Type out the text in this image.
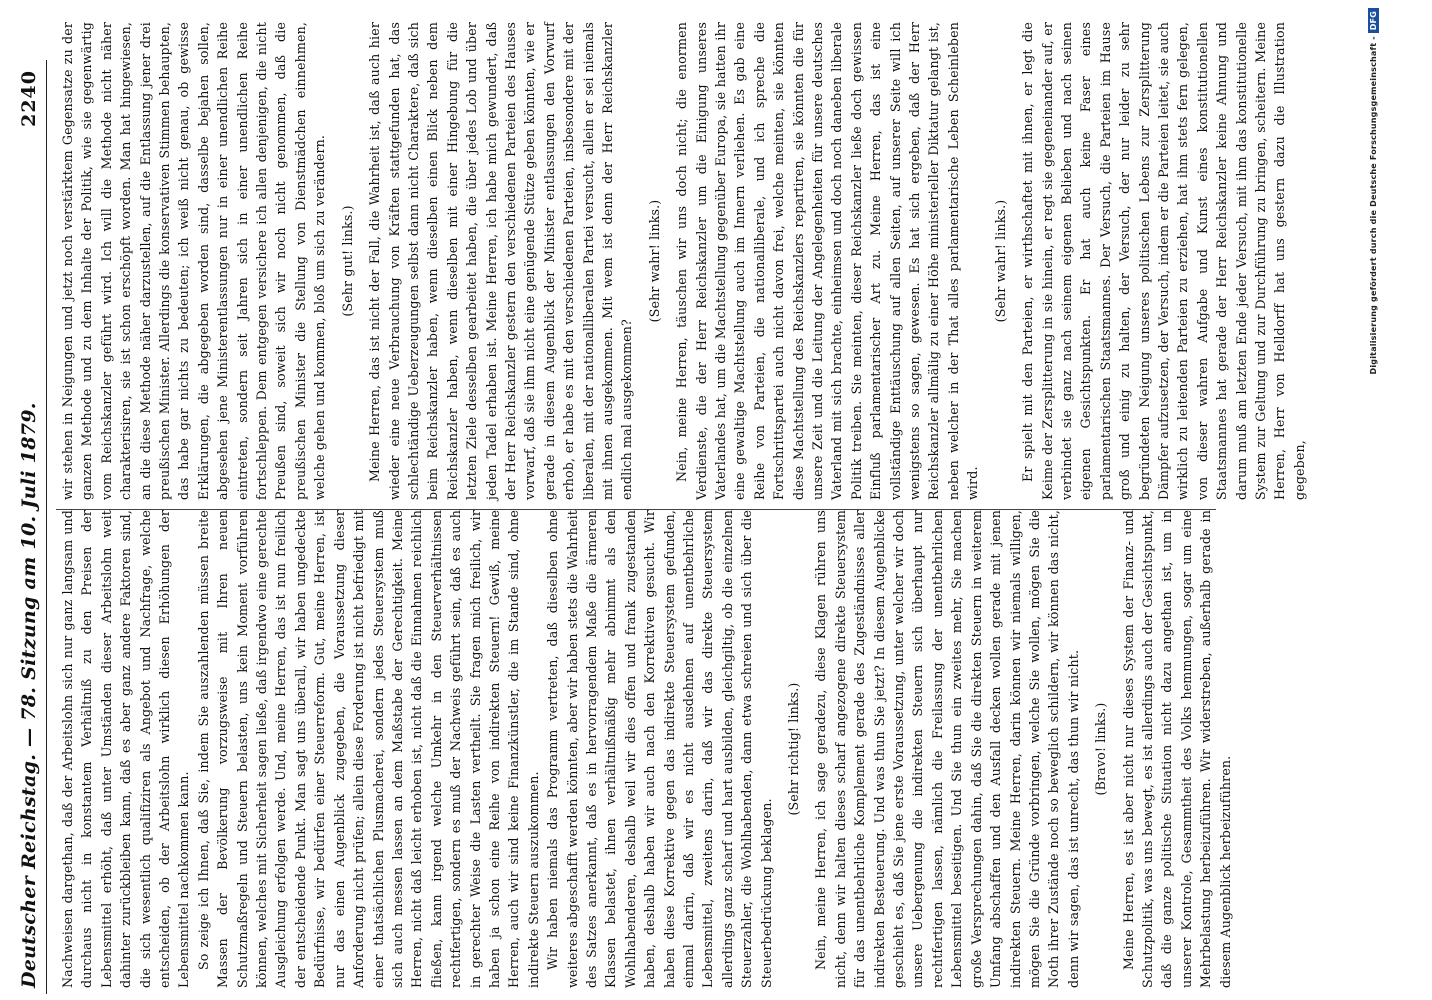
Deutscher Reichstag. — 78. Sitzung am 10. Juli 1879.
2240

Nachweisen dargethan, daß der Arbeitslohn sich nur ganz langsam und durchaus nicht in konstantem Verhältniß zu den Preisen der Lebensmittel erhöht, daß unter Umständen dieser Arbeitslohn weit dahinter zurückbleiben kann, daß es aber ganz andere Faktoren sind, die sich wesentlich qualifiziren als Angebot und Nachfrage, welche entscheiden, ob der Arbeitslohn wirklich diesen Erhöhungen der Lebensmittel nachkommen kann. So zeige ich Ihnen, daß Sie, indem Sie auszahlenden müssen breite Massen der Bevölkerung vorzugsweise mit Ihren neuen Schutzmaßregeln und Steuern belasten, uns kein Moment vorführen können, welches mit Sicherheit sagen ließe, daß irgendwo eine gerechte Ausgleichung erfolgen werde. Und, meine Herren, das ist nun freilich der entscheidende Punkt. Man sagt uns überall, wir haben ungedeckte Bedürfnisse, wir bedürfen einer Steuerreform. Gut, meine Herren, ist nur das einen Augenblick zugegeben, die Voraussetzung dieser Anforderung nicht prüfen; allein diese Forderung ist nicht befriedigt mit einer thatsächlichen Plusmacherei, sondern jedes Steuersystem muß sich auch messen lassen an dem Maßstabe der Gerechtigkeit. Meine Herren, nicht daß leicht erhoben ist, nicht daß die Einnahmen reichlich fließen, kann irgend welche Umkehr in den Steuerverhältnissen rechtfertigen, sondern es muß der Nachweis geführt sein, daß es auch in gerechter Weise die Lasten vertheilt. Sie fragen mich freilich, wir haben ja schon eine Reihe von indirekten Steuern! Gewiß, meine Herren, auch wir sind keine Finanzkünstler, die im Stande sind, ohne indirekte Steuern auszukommen. Wir haben niemals das Programm vertreten, daß dieselben ohne weiteres abgeschafft werden könnten, aber wir haben stets die Wahrheit des Satzes anerkannt, daß es in hervorragendem Maße die ärmeren Klassen belastet, ihnen verhältnißmäßig mehr abnimmt als den Wohlhabenderen, deshalb weil wir dies offen und frank zugestanden haben, deshalb haben wir auch nach den Korrektiven gesucht. Wir haben diese Korrektive gegen das indirekte Steuersystem gefunden, einmal darin, daß wir es nicht ausdehnen auf unentbehrliche Lebensmittel, zweitens darin, daß wir das direkte Steuersystem allerdings ganz scharf und hart ausbilden, gleichgiltig, ob die einzelnen Steuerzahler, die Wohlhabenden, dann etwa schreien und sich über die Steuerbedrückung beklagen.

(Sehr richtig! links.) Nein, meine Herren, ich sage geradezu, diese Klagen rühren uns nicht, denn wir halten dieses scharf angezogene direkte Steuersystem für das unentbehrliche Komplement gerade des Zugeständnisses aller indirekten Besteuerung. Und was thun Sie jetzt? In diesem Augenblicke geschieht es, daß Sie jene erste Voraussetzung, unter welcher wir doch unsere Uebergenung die indirekten Steuern sich überhaupt nur rechtfertigen lassen, nämlich die Freilassung der unentbehrlichen Lebensmittel beseitigen. Und Sie thun ein zweites mehr, Sie machen große Versprechungen dahin, daß Sie die direkten Steuern in weiterem Umfang abschaffen und den Ausfall decken wollen gerade mit jenen indirekten Steuern. Meine Herren, darin können wir niemals willigen, mögen Sie die Gründe vorbringen, welche Sie wollen, mögen Sie die Noth ihrer Zustände noch so beweglich schildern, wir können das nicht, denn wir sagen, das ist unrecht, das thun wir nicht. (Bravo! links.) Meine Herren, es ist aber nicht nur dieses System der Finanz- und Schutzpolitik, was uns bewegt, es ist allerdings auch der Gesichtspunkt, daß die ganze politische Situation nicht dazu angethan ist, um in unserer Kontrole, Gesammtheit des Volks hemmungen, sogar um eine Mehrbelastung herbeizuführen. Wir widerstreben, außerhalb gerade in diesem Augenblick herbeizuführen.

wir stehen in Neigungen und jetzt noch verstärktem Gegensatze zu der ganzen Methode und zu dem Inhalte der Politik, wie sie gegenwärtig vom Reichskanzler geführt wird. Ich will die Methode nicht näher charakterisiren, sie ist schon erschöpft worden. Man hat hingewiesen, an die diese Methode näher darzustellen, auf die Entlassung jener drei preußischen Minister. Allerdings die konservativen Stimmen behaupten, das habe gar nichts zu bedeuten; ich weiß nicht genau, ob gewisse Erklärungen, die abgegeben worden sind, dasselbe bejahen sollen, abgesehen jene Ministerentlassungen nur in einer unendlichen Reihe eintreten, sondern seit Jahren sich in einer unendlichen Reihe fortschleppen. Dem entgegen versichere ich allen denjenigen, die nicht Preußen sind, soweit sich wir noch nicht genommen, daß die preußischen Minister die Stellung von Dienstmädchen einnehmen, welche gehen und kommen, bloß um sich zu verändern. (Sehr gut! links.) Meine Herren, das ist nicht der Fall, die Wahrheit ist, daß auch hier wieder eine neue Verbrauchung von Kräften stattgefunden hat, das schlechtändige Ueberzeugungen selbst dann nicht Charaktere, daß sich beim Reichskanzler haben, wenn dieselben einen Blick neben dem Reichskanzler haben, wenn dieselben mit einer Hingebung für die letzten Ziele desselben gearbeitet haben, die über jedes Lob und über jeden Tadel erhaben ist. Meine Herren, ich habe mich gewundert, daß der Herr Reichskanzler gestern den verschiedenen Parteien des Hauses vorwarf, daß sie ihm nicht eine genügende Stütze geben könnten, wie er gerade in diesem Augenblick der Minister entlassungen den Vorwurf erhob, er habe es mit den verschiedenen Parteien, insbesondere mit der liberalen, mit der nationalliberalen Partei versucht, allein er sei niemals mit ihnen ausgekommen. Mit wem ist denn der Herr Reichskanzler endlich mal ausgekommen?

(Sehr wahr! links.) Nein, meine Herren, täuschen wir uns doch nicht; die enormen Verdienste, die der Herr Reichskanzler um die Einigung unseres Vaterlandes hat, um die Machtstellung gegenüber Europa, sie hatten ihr eine gewaltige Machtstellung auch im Innern verliehen. Es gab eine Reihe von Parteien, die nationalliberale, und ich spreche die Fortschrittspartei auch nicht davon frei, welche meinten, sie könnten diese Machtstellung des Reichskanzlers repartiren, sie könnten die für unsere Zeit und die Leitung der Angelegenheiten für unsere deutsches Vaterland mit sich brachte, einheimsen und doch noch daneben liberale Politik treiben. Sie meinten, dieser Reichskanzler ließe doch gewissen Einfluß parlamentarischer Art zu. Meine Herren, das ist eine vollständige Enttäuschung auf allen Seiten, auf unserer Seite will ich wenigstens so sagen, gewesen. Es hat sich ergeben, daß der Herr Reichskanzler allmälig zu einer Höhe ministerieller Diktatur gelangt ist, neben welcher in der That alles parlamentarische Leben Scheinleben wird.

(Sehr wahr! links.) Er spielt mit den Parteien, er wirthschaftet mit ihnen, er legt die Keime der Zersplitterung in sie hinein, er regt sie gegeneinander auf, er verbindet sie ganz nach seinem eigenen Belieben und nach seinen eigenen Gesichtspunkten. Er hat auch keine Faser eines parlamentarischen Staatsmannes. Der Versuch, die Parteien im Hause groß und einig zu halten, der Versuch, der nur leider zu sehr begründeten Neigung unseres politischen Lebens zur Zersplitterung Dämpfer aufzusetzen, der Versuch, indem er die Parteien leitet, sie auch wirklich zu leitenden Parteien zu erziehen, hat ihm stets fern gelegen, von dieser wahren Aufgabe und Kunst eines konstitutionellen Staatsmannes hat gerade der Herr Reichskanzler keine Ahnung und darum muß am letzten Ende jeder Versuch, mit ihm das konstitutionelle System zur Geltung und zur Durchführung zu bringen, scheitern. Meine Herren, Herr von Helldorff hat uns gestern dazu die Illustration gegeben,

Digitalisierung gefördert durch die Deutsche Forschungsgemeinschaft -DFG
